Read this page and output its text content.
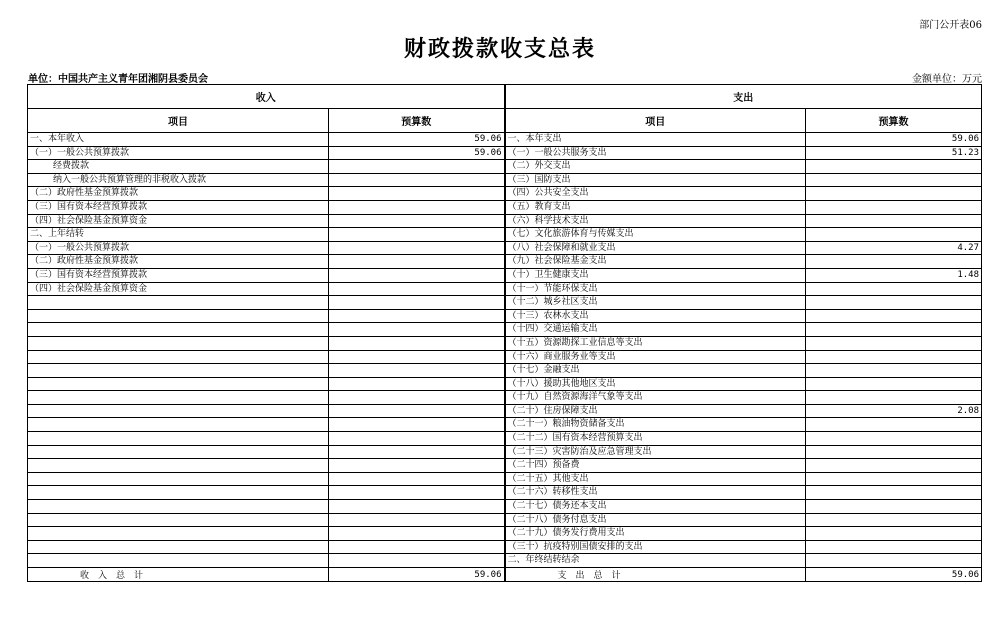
部门公开表06
财政拨款收支总表
单位：中国共产主义青年团湘阴县委员会	金额单位：万元
收入		支出	
项目	预算数	项目	预算数
一、本年收入	59.06	一、本年支出	59.06
（一）一般公共预算拨款	59.06	（一）一般公共服务支出	51.23
经费拨款		（二）外交支出	
纳入一般公共预算管理的非税收入拨款		（三）国防支出	
（二）政府性基金预算拨款		（四）公共安全支出	
（三）国有资本经营预算拨款		（五）教育支出	
（四）社会保险基金预算资金		（六）科学技术支出	
二、上年结转		（七）文化旅游体育与传媒支出	
（一）一般公共预算拨款		（八）社会保障和就业支出	4.27
（二）政府性基金预算拨款		（九）社会保险基金支出	
（三）国有资本经营预算拨款		（十）卫生健康支出	1.48
（四）社会保险基金预算资金		（十一）节能环保支出	
		（十二）城乡社区支出	
		（十三）农林水支出	
		（十四）交通运输支出	
		（十五）资源勘探工业信息等支出	
		（十六）商业服务业等支出	
		（十七）金融支出	
		（十八）援助其他地区支出	
		（十九）自然资源海洋气象等支出	
		（二十）住房保障支出	2.08
		（二十一）粮油物资储备支出	
		（二十二）国有资本经营预算支出	
		（二十三）灾害防治及应急管理支出	
		（二十四）预备费	
		（二十五）其他支出	
		（二十六）转移性支出	
		（二十七）债务还本支出	
		（二十八）债务付息支出	
		（二十九）债务发行费用支出	
		（三十）抗疫特别国债安排的支出	
		二、年终结转结余	
收入总计	59.06	支出总计	59.06
